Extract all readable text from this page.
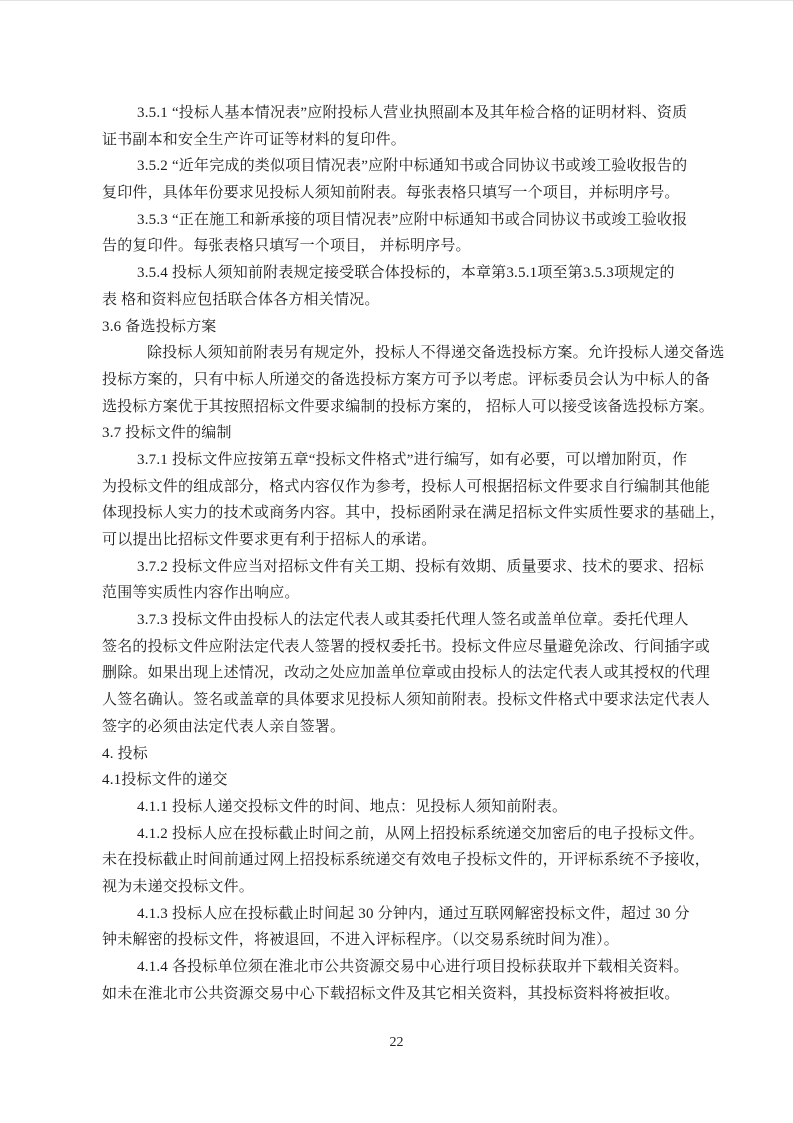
3.5.1 “投标人基本情况表”应附投标人营业执照副本及其年检合格的证明材料、资质
证书副本和安全生产许可证等材料的复印件。
3.5.2 “近年完成的类似项目情况表”应附中标通知书或合同协议书或竣工验收报告的
复印件，具体年份要求见投标人须知前附表。每张表格只填写一个项目，并标明序号。
3.5.3 “正在施工和新承接的项目情况表”应附中标通知书或合同协议书或竣工验收报
告的复印件。每张表格只填写一个项目， 并标明序号。
3.5.4 投标人须知前附表规定接受联合体投标的，本章第3.5.1项至第3.5.3项规定的
表 格和资料应包括联合体各方相关情况。
3.6 备选投标方案
除投标人须知前附表另有规定外，投标人不得递交备选投标方案。允许投标人递交备选
投标方案的，只有中标人所递交的备选投标方案方可予以考虑。评标委员会认为中标人的备
选投标方案优于其按照招标文件要求编制的投标方案的， 招标人可以接受该备选投标方案。
3.7 投标文件的编制
3.7.1 投标文件应按第五章“投标文件格式”进行编写，如有必要，可以增加附页，作
为投标文件的组成部分，格式内容仅作为参考，投标人可根据招标文件要求自行编制其他能
体现投标人实力的技术或商务内容。其中，投标函附录在满足招标文件实质性要求的基础上，
可以提出比招标文件要求更有利于招标人的承诺。
3.7.2 投标文件应当对招标文件有关工期、投标有效期、质量要求、技术的要求、招标
范围等实质性内容作出响应。
3.7.3 投标文件由投标人的法定代表人或其委托代理人签名或盖单位章。委托代理人
签名的投标文件应附法定代表人签署的授权委托书。投标文件应尽量避免涂改、行间插字或
删除。如果出现上述情况，改动之处应加盖单位章或由投标人的法定代表人或其授权的代理
人签名确认。签名或盖章的具体要求见投标人须知前附表。投标文件格式中要求法定代表人
签字的必须由法定代表人亲自签署。
4. 投标
4.1投标文件的递交
4.1.1 投标人递交投标文件的时间、地点：见投标人须知前附表。
4.1.2 投标人应在投标截止时间之前，从网上招投标系统递交加密后的电子投标文件。
未在投标截止时间前通过网上招投标系统递交有效电子投标文件的，开评标系统不予接收，
视为未递交投标文件。
4.1.3 投标人应在投标截止时间起 30 分钟内，通过互联网解密投标文件，超过 30 分
钟未解密的投标文件，将被退回，不进入评标程序。（以交易系统时间为准）。
4.1.4 各投标单位须在淮北市公共资源交易中心进行项目投标获取并下载相关资料。
如未在淮北市公共资源交易中心下载招标文件及其它相关资料，其投标资料将被拒收。
22
